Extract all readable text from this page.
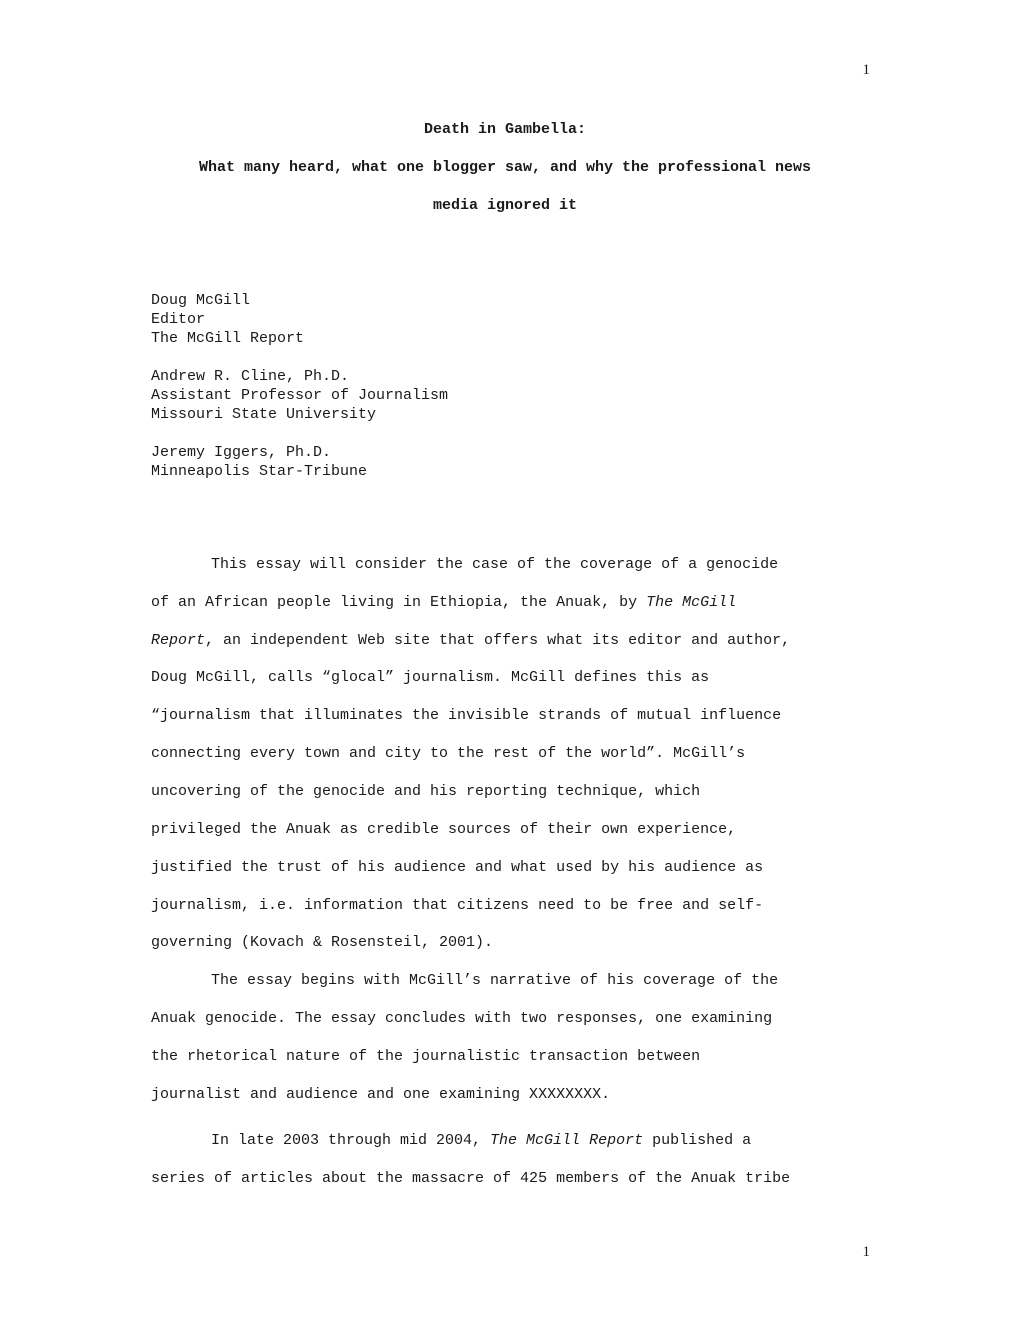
1
Death in Gambella:
What many heard, what one blogger saw, and why the professional news
media ignored it
Doug McGill
Editor
The McGill Report
Andrew R. Cline, Ph.D.
Assistant Professor of Journalism
Missouri State University
Jeremy Iggers, Ph.D.
Minneapolis Star-Tribune
This essay will consider the case of the coverage of a genocide
of an African people living in Ethiopia, the Anuak, by The McGill
Report, an independent Web site that offers what its editor and author,
Doug McGill, calls “glocal” journalism. McGill defines this as
“journalism that illuminates the invisible strands of mutual influence
connecting every town and city to the rest of the world”. McGill’s
uncovering of the genocide and his reporting technique, which
privileged the Anuak as credible sources of their own experience,
justified the trust of his audience and what used by his audience as
journalism, i.e. information that citizens need to be free and self-
governing (Kovach & Rosensteil, 2001).
The essay begins with McGill’s narrative of his coverage of the
Anuak genocide. The essay concludes with two responses, one examining
the rhetorical nature of the journalistic transaction between
journalist and audience and one examining XXXXXXXX.
In late 2003 through mid 2004, The McGill Report published a
series of articles about the massacre of 425 members of the Anuak tribe
1
